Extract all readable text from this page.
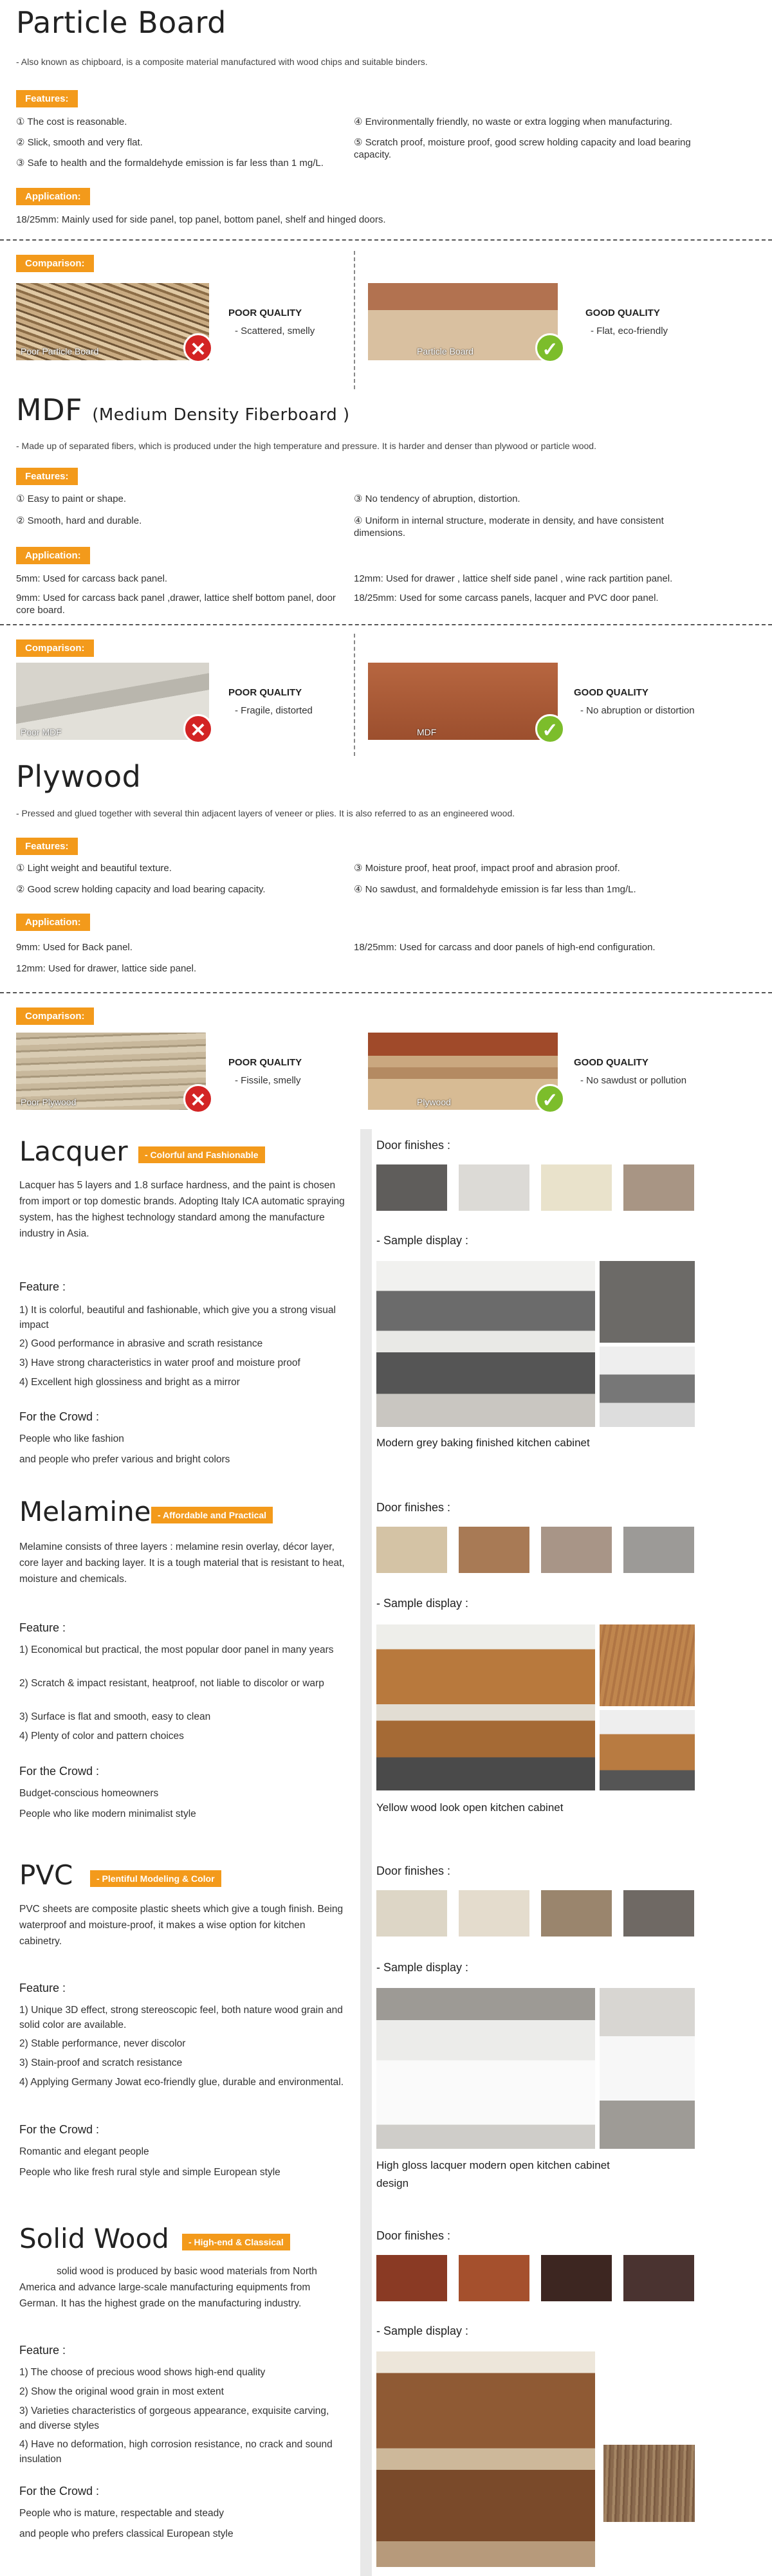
Particle Board
- Also known as chipboard, is a composite material manufactured with wood chips and suitable binders.
Features:
① The cost is reasonable.
② Slick, smooth and very flat.
③ Safe to health and the formaldehyde emission is far less than 1 mg/L.
④ Environmentally friendly, no waste or extra logging when manufacturing.
⑤ Scratch proof, moisture proof, good screw holding capacity and load bearing capacity.
Application:
18/25mm: Mainly used for side panel, top panel, bottom panel, shelf and hinged doors.
Comparison:
Poor Particle Board	✕
POOR QUALITY
- Scattered, smelly
Particle Board	✓
GOOD QUALITY
- Flat, eco-friendly
MDF (Medium Density Fiberboard )
- Made up of separated fibers, which is produced under the high temperature and pressure. It is harder and denser than plywood or particle wood.
Features:
① Easy to paint or shape.
② Smooth, hard and durable.
③ No tendency of abruption, distortion.
④ Uniform in internal structure, moderate in density, and have consistent dimensions.
Application:
5mm: Used for carcass back panel.
9mm: Used for carcass back panel ,drawer, lattice shelf bottom panel, door core board.
12mm: Used for drawer , lattice shelf side panel , wine rack partition panel.
18/25mm: Used for some carcass panels, lacquer and PVC door panel.
Comparison:
Poor MDF	✕
POOR QUALITY
- Fragile, distorted
MDF	✓
GOOD QUALITY
- No abruption or distortion
Plywood
- Pressed and glued together with several thin adjacent layers of veneer or plies. It is also referred to as an engineered wood.
Features:
① Light weight and beautiful texture.
② Good screw holding capacity and load bearing capacity.
③ Moisture proof, heat proof, impact proof and abrasion proof.
④ No sawdust, and formaldehyde emission is far less than 1mg/L.
Application:
9mm: Used for Back panel.
12mm: Used for drawer, lattice side panel.
18/25mm: Used for carcass and door panels of high-end configuration.
Comparison:
Poor Plywood	✕
POOR QUALITY
- Fissile, smelly
Plywood	✓
GOOD QUALITY
- No sawdust or pollution
Lacquer	- Colorful and Fashionable
Lacquer has 5 layers and 1.8 surface hardness, and the paint is chosen from import or top domestic brands. Adopting Italy ICA automatic spraying system, has the highest technology standard among the manufacture industry in Asia.
Feature :
1) It is colorful, beautiful and fashionable, which give you a strong visual impact
2) Good performance in abrasive and scrath resistance
3) Have strong characteristics in water proof and moisture proof
4) Excellent high glossiness and bright as a mirror
For the Crowd :
People who like fashion
and people who prefer various and bright colors
Door finishes :
- Sample display :
Modern grey baking finished kitchen cabinet
Melamine - Affordable and Practical
Melamine consists of three layers : melamine resin overlay, décor layer, core layer and backing layer. It is a tough material that is resistant to heat, moisture and chemicals.
Feature :
1) Economical but practical, the most popular door panel in many years
2) Scratch & impact resistant, heatproof, not liable to discolor or warp
3) Surface is flat and smooth, easy to clean
4) Plenty of color and pattern choices
For the Crowd :
Budget-conscious homeowners
People who like modern minimalist style
Door finishes :
- Sample display :
Yellow wood look open kitchen cabinet
PVC	- Plentiful Modeling & Color
PVC sheets are composite plastic sheets which give a tough finish. Being waterproof and moisture-proof, it makes a wise option for kitchen cabinetry.
Feature :
1) Unique 3D effect, strong stereoscopic feel, both nature wood grain and solid color are available.
2) Stable performance, never discolor
3) Stain-proof and scratch resistance
4) Applying Germany Jowat eco-friendly glue, durable and environmental.
For the Crowd :
Romantic and elegant people
People who like fresh rural style and simple European style
Door finishes :
- Sample display :
High gloss lacquer modern open kitchen cabinet design
Solid Wood	- High-end & Classical
solid wood is produced by basic wood materials from North America and advance large-scale manufacturing equipments from German. It has the highest grade on the manufacturing industry.
Feature :
1) The choose of precious wood shows high-end quality
2) Show the original wood grain in most extent
3) Varieties characteristics of gorgeous appearance, exquisite carving, and diverse styles
4) Have no deformation, high corrosion resistance, no crack and sound insulation
For the Crowd :
People who is mature, respectable and steady
and people who prefers classical European style
Door finishes :
- Sample display :
